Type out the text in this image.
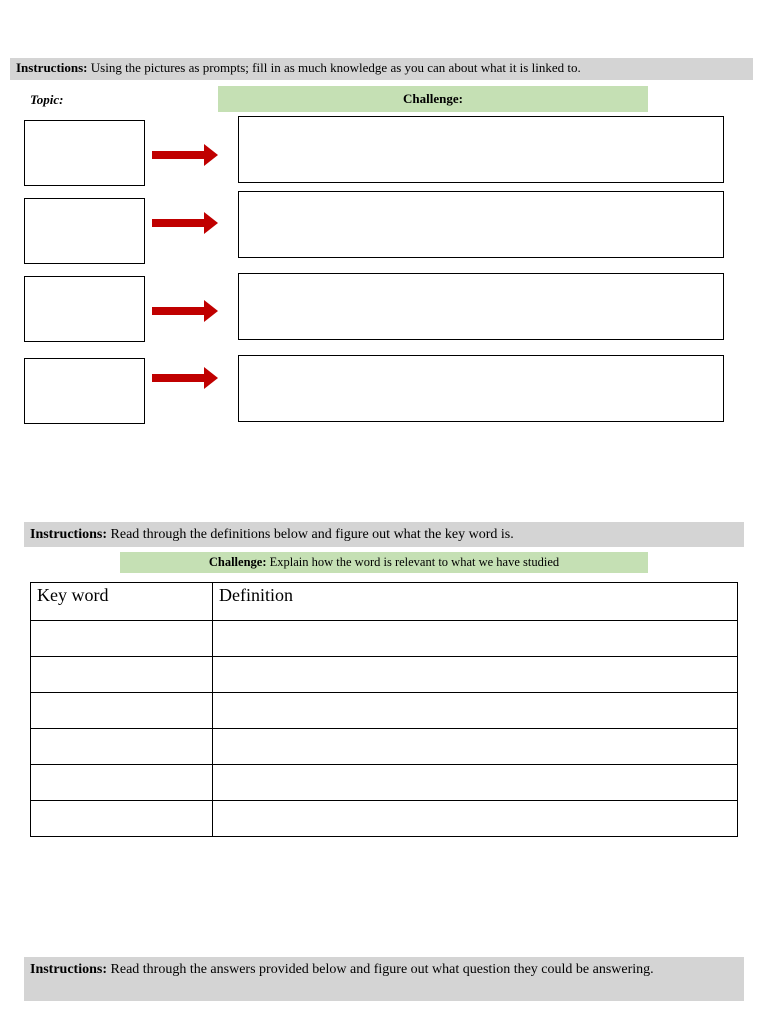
Instructions: Using the pictures as prompts; fill in as much knowledge as you can about what it is linked to.
Topic:	Challenge:
Instructions: Read through the definitions below and figure out what the key word is.
Challenge: Explain how the word is relevant to what we have studied
Key word	Definition

Instructions: Read through the answers provided below and figure out what question they could be answering.
